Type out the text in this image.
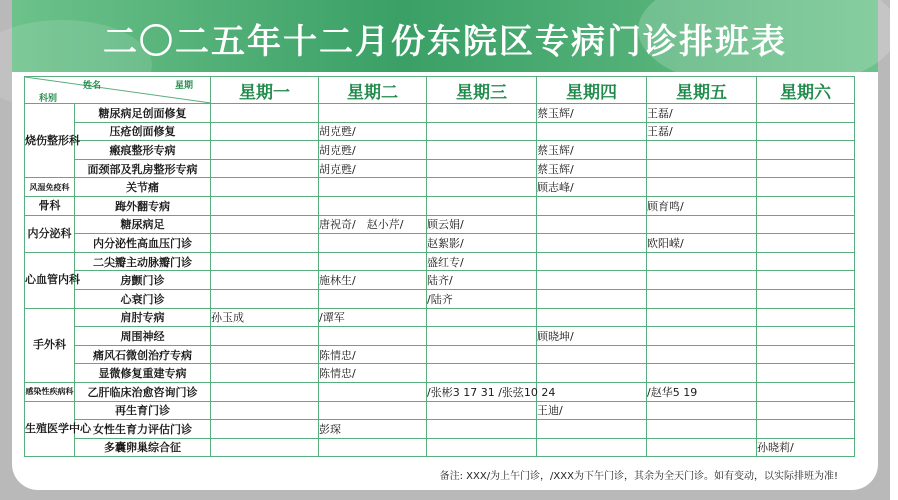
二〇二五年十二月份东院区专病门诊排班表
姓名 星期
科别		星期一	星期二	星期三	星期四	星期五	星期六
烧伤整形科	糖尿病足创面修复				蔡玉辉/	王磊/	
	压疮创面修复		胡克甦/			王磊/	
	瘢痕整形专病		胡克甦/		蔡玉辉/		
	面颈部及乳房整形专病		胡克甦/		蔡玉辉/		
风湿免疫科	关节痛				顾志峰/		
骨科	踇外翻专病					顾育鸣/	
内分泌科	糖尿病足		唐祝奇/　赵小芹/	顾云娟/			
	内分泌性高血压门诊			赵絮影/		欧阳嵘/	
心血管内科	二尖瓣主动脉瓣门诊			盛红专/			
	房颤门诊		施林生/	陆齐/			
	心衰门诊			/陆齐			
手外科	肩肘专病	孙玉成	/谭军				
	周围神经				顾晓坤/		
	痛风石微创治疗专病		陈情忠/				
	显微修复重建专病		陈情忠/				
感染性疾病科	乙肝临床治愈咨询门诊			/张彬3 17 31 /张弦10 24		/赵华5 19	
生殖医学中心	再生育门诊				王迪/		
	女性生育力评估门诊		彭琛				
	多囊卵巢综合征						孙晓莉/
备注: XXX/为上午门诊，/XXX为下午门诊，其余为全天门诊。如有变动，以实际排班为准!
